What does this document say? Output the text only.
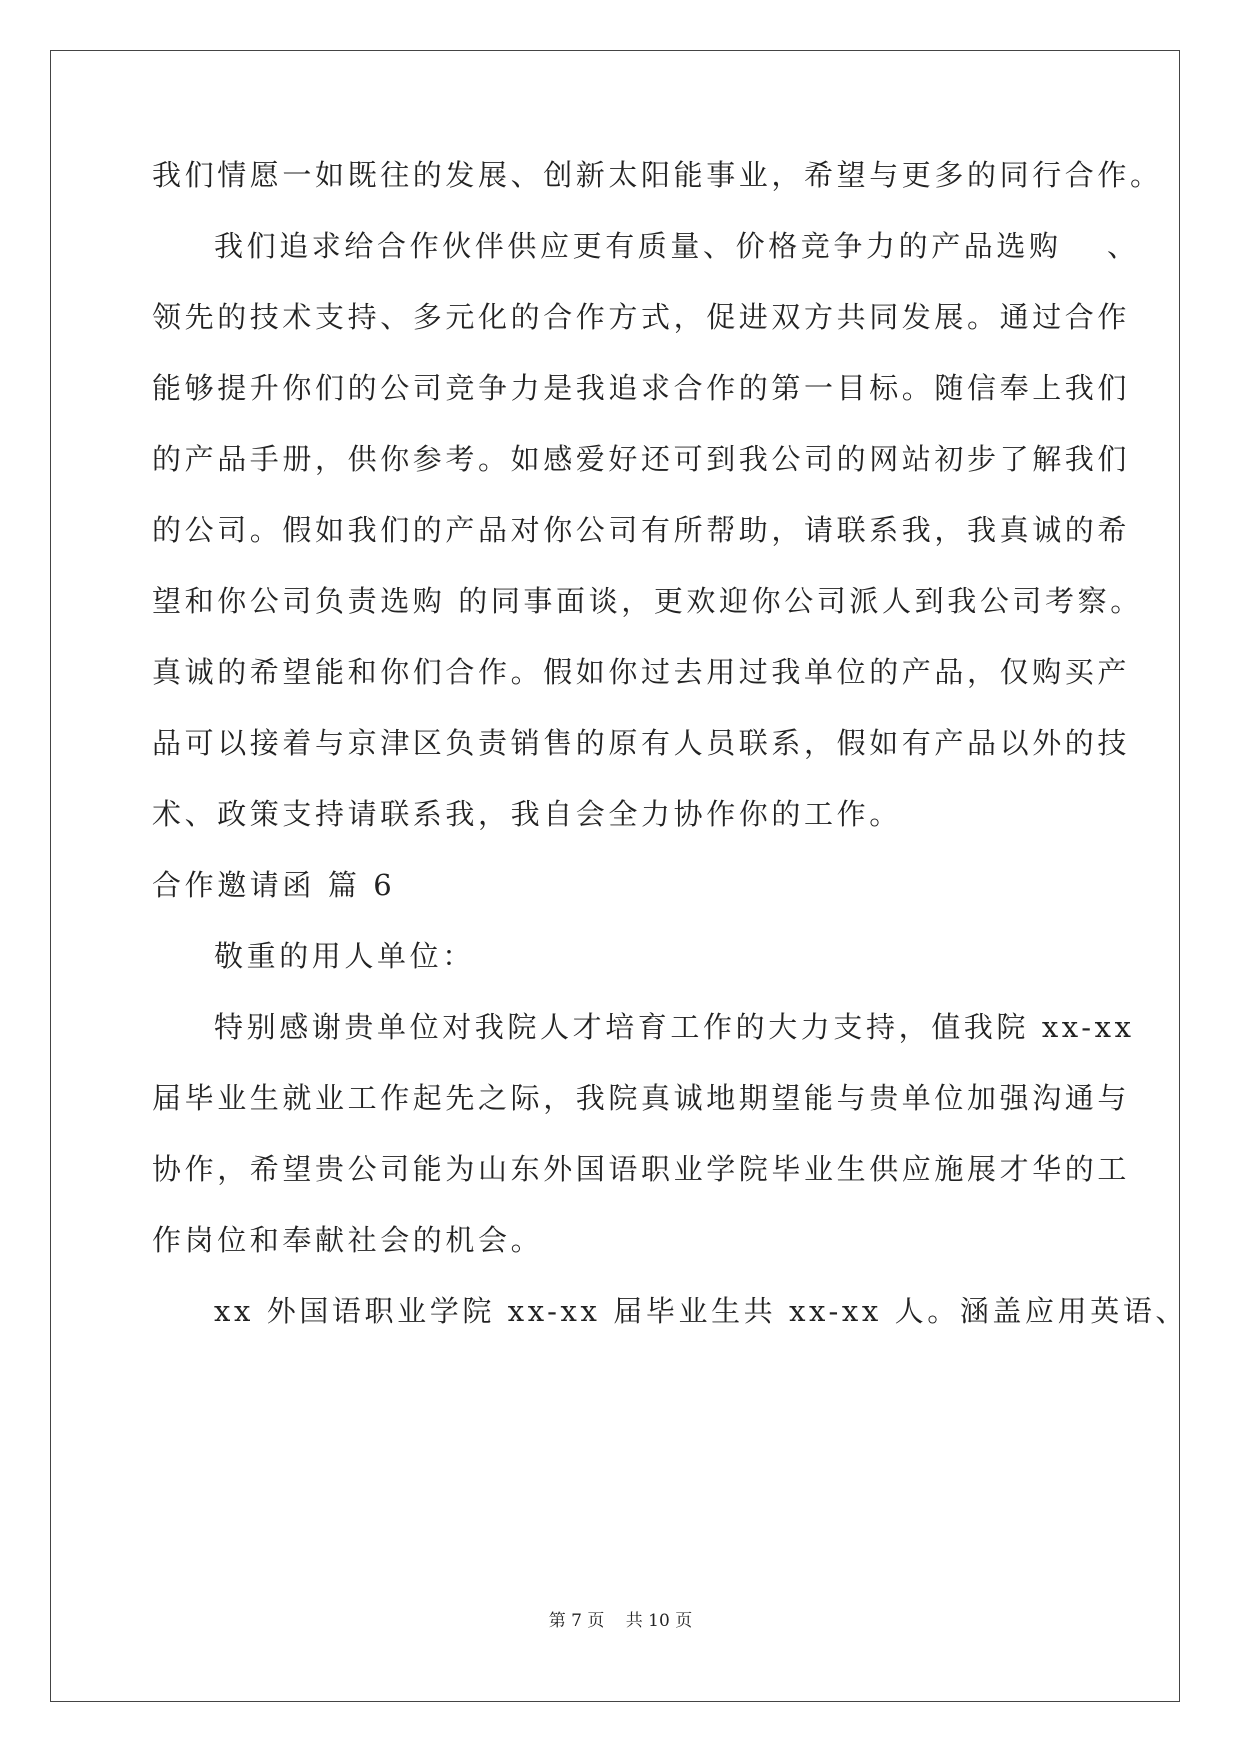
我们情愿一如既往的发展、创新太阳能事业，希望与更多的同行合作。
我们追求给合作伙伴供应更有质量、价格竞争力的产品选购 　、
领先的技术支持、多元化的合作方式，促进双方共同发展。通过合作
能够提升你们的公司竞争力是我追求合作的第一目标。随信奉上我们
的产品手册，供你参考。如感爱好还可到我公司的网站初步了解我们
的公司。假如我们的产品对你公司有所帮助，请联系我，我真诚的希
望和你公司负责选购 的同事面谈，更欢迎你公司派人到我公司考察。
真诚的希望能和你们合作。假如你过去用过我单位的产品，仅购买产
品可以接着与京津区负责销售的原有人员联系，假如有产品以外的技
术、政策支持请联系我，我自会全力协作你的工作。
合作邀请函 篇 6
敬重的用人单位：
特别感谢贵单位对我院人才培育工作的大力支持，值我院 xx-xx
届毕业生就业工作起先之际，我院真诚地期望能与贵单位加强沟通与
协作，希望贵公司能为山东外国语职业学院毕业生供应施展才华的工
作岗位和奉献社会的机会。
xx 外国语职业学院 xx-xx 届毕业生共 xx-xx 人。涵盖应用英语、
第 7 页 共 10 页
